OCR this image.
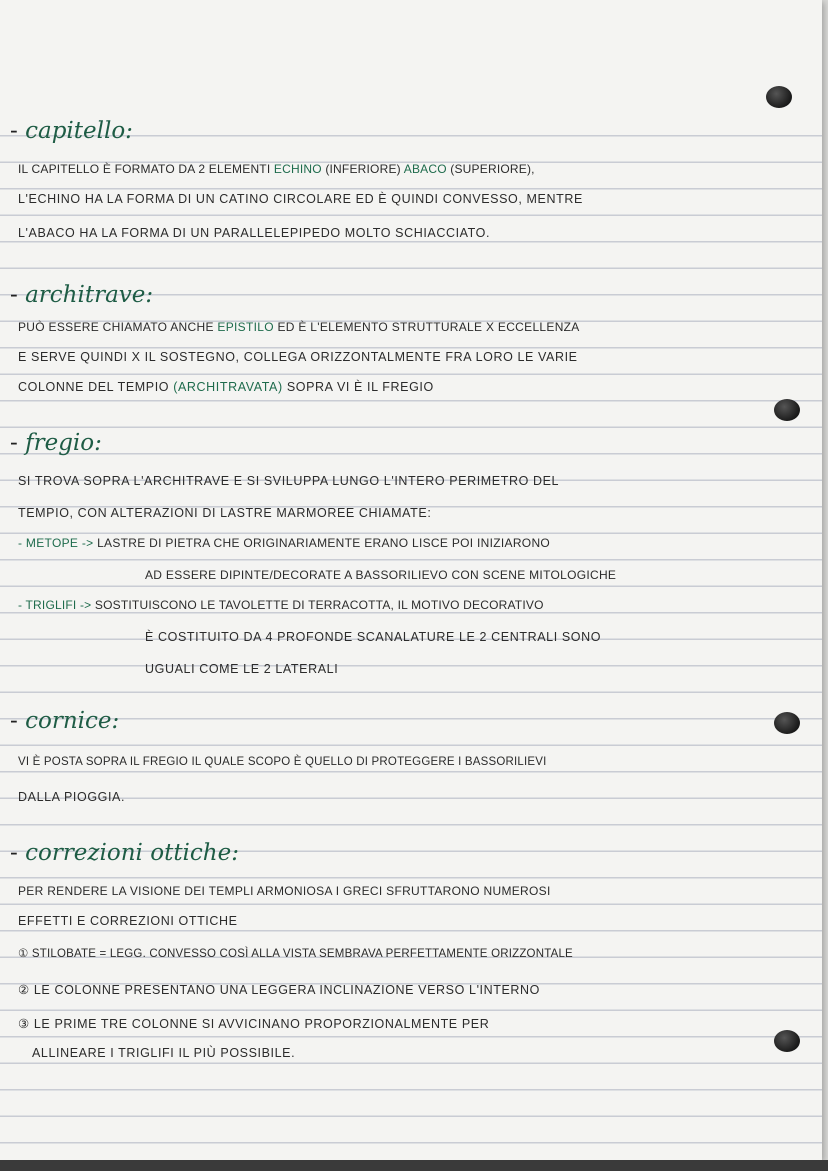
- capitello:
IL CAPITELLO È FORMATO DA 2 ELEMENTI ECHINO (INFERIORE) ABACO (SUPERIORE),
L'ECHINO HA LA FORMA DI UN CATINO CIRCOLARE ED È QUINDI CONVESSO, MENTRE
L'ABACO HA LA FORMA DI UN PARALLELEPIPEDO MOLTO SCHIACCIATO.
- architrave:
PUÒ ESSERE CHIAMATO ANCHE EPISTILO ED È L'ELEMENTO STRUTTURALE X ECCELLENZA
E SERVE QUINDI X IL SOSTEGNO, COLLEGA ORIZZONTALMENTE FRA LORO LE VARIE
COLONNE DEL TEMPIO (ARCHITRAVATA) SOPRA VI È IL FREGIO
- fregio:
SI TROVA SOPRA L'ARCHITRAVE E SI SVILUPPA LUNGO L'INTERO PERIMETRO DEL
TEMPIO, CON ALTERAZIONI DI LASTRE MARMOREE CHIAMATE:
- METOPE -> LASTRE DI PIETRA CHE ORIGINARIAMENTE ERANO LISCE POI INIZIARONO
AD ESSERE DIPINTE/DECORATE A BASSORILIEVO CON SCENE MITOLOGICHE
- TRIGLIFI -> SOSTITUISCONO LE TAVOLETTE DI TERRACOTTA, IL MOTIVO DECORATIVO
È COSTITUITO DA 4 PROFONDE SCANALATURE LE 2 CENTRALI SONO
UGUALI COME LE 2 LATERALI
- cornice:
VI È POSTA SOPRA IL FREGIO IL QUALE SCOPO È QUELLO DI PROTEGGERE I BASSORILIEVI
DALLA PIOGGIA.
- correzioni ottiche:
PER RENDERE LA VISIONE DEI TEMPLI ARMONIOSA I GRECI SFRUTTARONO NUMEROSI
EFFETTI E CORREZIONI OTTICHE
① STILOBATE = LEGG. CONVESSO COSÌ ALLA VISTA SEMBRAVA PERFETTAMENTE ORIZZONTALE
② LE COLONNE PRESENTANO UNA LEGGERA INCLINAZIONE VERSO L'INTERNO
③ LE PRIME TRE COLONNE SI AVVICINANO PROPORZIONALMENTE PER
ALLINEARE I TRIGLIFI IL PIÙ POSSIBILE.
